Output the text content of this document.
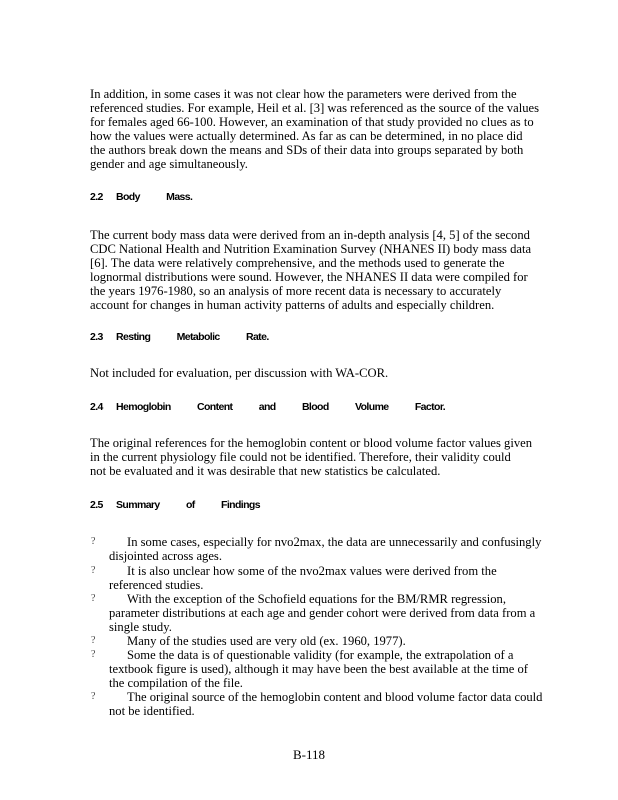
In addition, in some cases it was not clear how the parameters were derived from the
referenced studies. For example, Heil et al. [3] was referenced as the source of the values
for females aged 66-100. However, an examination of that study provided no clues as to
how the values were actually determined. As far as can be determined, in no place did
the authors break down the means and SDs of their data into groups separated by both
gender and age simultaneously.
2.2 Body Mass.
The current body mass data were derived from an in-depth analysis [4, 5] of the second
CDC National Health and Nutrition Examination Survey (NHANES II) body mass data
[6]. The data were relatively comprehensive, and the methods used to generate the
lognormal distributions were sound. However, the NHANES II data were compiled for
the years 1976-1980, so an analysis of more recent data is necessary to accurately
account for changes in human activity patterns of adults and especially children.
2.3 Resting Metabolic Rate.
Not included for evaluation, per discussion with WA-COR.
2.4 Hemoglobin Content and Blood Volume Factor.
The original references for the hemoglobin content or blood volume factor values given
in the current physiology file could not be identified. Therefore, their validity could
not be evaluated and it was desirable that new statistics be calculated.
2.5 Summary of Findings
?	In some cases, especially for nvo2max, the data are unnecessarily and confusingly
disjointed across ages.
?	It is also unclear how some of the nvo2max values were derived from the
referenced studies.
?	With the exception of the Schofield equations for the BM/RMR regression,
parameter distributions at each age and gender cohort were derived from data from a
single study.
?	Many of the studies used are very old (ex. 1960, 1977).
?	Some the data is of questionable validity (for example, the extrapolation of a
textbook figure is used), although it may have been the best available at the time of
the compilation of the file.
?	The original source of the hemoglobin content and blood volume factor data could
not be identified.
B-118
